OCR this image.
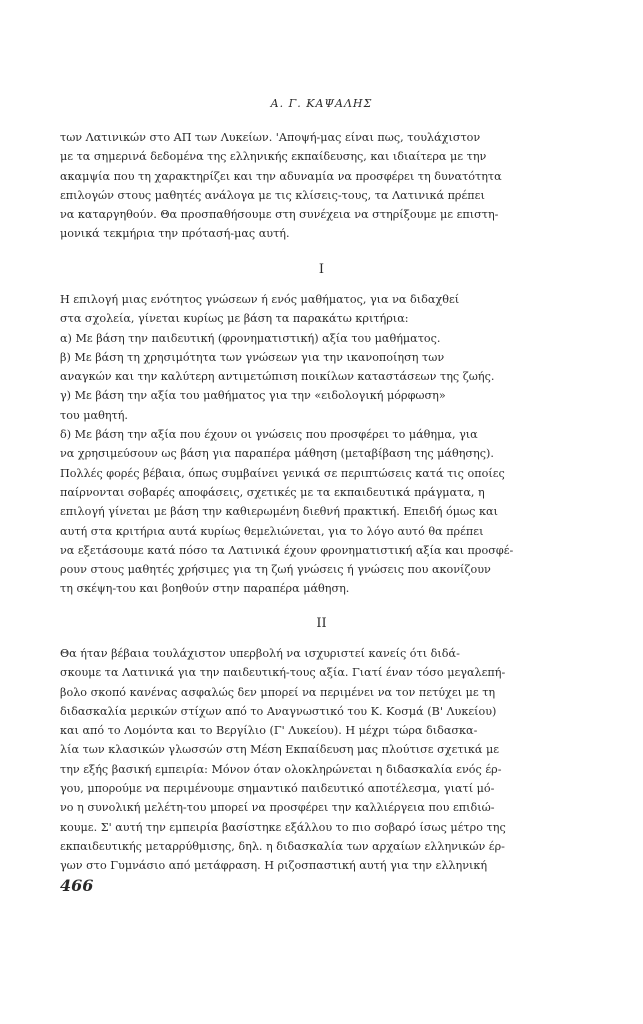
Α. Γ. ΚΑΨΑΛΗΣ
των Λατινικών στο ΑΠ των Λυκείων. 'Αποψή-μας είναι πως, τουλάχιστον
με τα σημερινά δεδομένα της ελληνικής εκπαίδευσης, και ιδιαίτερα με την
ακαμψία που τη χαρακτηρίζει και την αδυναμία να προσφέρει τη δυνατότητα
επιλογών στους μαθητές ανάλογα με τις κλίσεις-τους, τα Λατινικά πρέπει
να καταργηθούν. Θα προσπαθήσουμε στη συνέχεια να στηρίξουμε με επιστη-
μονικά τεκμήρια την πρότασή-μας αυτή.
Ι
Η επιλογή μιας ενότητος γνώσεων ή ενός μαθήματος, για να διδαχθεί
στα σχολεία, γίνεται κυρίως με βάση τα παρακάτω κριτήρια:
α) Με βάση την παιδευτική (φρονηματιστική) αξία του μαθήματος.
β) Με βάση τη χρησιμότητα των γνώσεων για την ικανοποίηση των
αναγκών και την καλύτερη αντιμετώπιση ποικίλων καταστάσεων της ζωής.
γ) Με βάση την αξία του μαθήματος για την «ειδολογική μόρφωση»
του μαθητή.
δ) Με βάση την αξία που έχουν οι γνώσεις που προσφέρει το μάθημα, για
να χρησιμεύσουν ως βάση για παραπέρα μάθηση (μεταβίβαση της μάθησης).
Πολλές φορές βέβαια, όπως συμβαίνει γενικά σε περιπτώσεις κατά τις οποίες
παίρνονται σοβαρές αποφάσεις, σχετικές με τα εκπαιδευτικά πράγματα, η
επιλογή γίνεται με βάση την καθιερωμένη διεθνή πρακτική. Επειδή όμως και
αυτή στα κριτήρια αυτά κυρίως θεμελιώνεται, για το λόγο αυτό θα πρέπει
να εξετάσουμε κατά πόσο τα Λατινικά έχουν φρονηματιστική αξία και προσφέ-
ρουν στους μαθητές χρήσιμες για τη ζωή γνώσεις ή γνώσεις που ακονίζουν
τη σκέψη-του και βοηθούν στην παραπέρα μάθηση.
ΙΙ
Θα ήταν βέβαια τουλάχιστον υπερβολή να ισχυριστεί κανείς ότι διδά-
σκουμε τα Λατινικά για την παιδευτική-τους αξία. Γιατί έναν τόσο μεγαλεπή-
βολο σκοπό κανένας ασφαλώς δεν μπορεί να περιμένει να τον πετύχει με τη
διδασκαλία μερικών στίχων από το Αναγνωστικό του Κ. Κοσμά (Β' Λυκείου)
και από το Λομόντα και το Βεργίλιο (Γ' Λυκείου). Η μέχρι τώρα διδασκα-
λία των κλασικών γλωσσών στη Μέση Εκπαίδευση μας πλούτισε σχετικά με
την εξής βασική εμπειρία: Μόνον όταν ολοκληρώνεται η διδασκαλία ενός έρ-
γου, μπορούμε να περιμένουμε σημαντικό παιδευτικό αποτέλεσμα, γιατί μό-
νο η συνολική μελέτη-του μπορεί να προσφέρει την καλλιέργεια που επιδιώ-
κουμε. Σ' αυτή την εμπειρία βασίστηκε εξάλλου το πιο σοβαρό ίσως μέτρο της
εκπαιδευτικής μεταρρύθμισης, δηλ. η διδασκαλία των αρχαίων ελληνικών έρ-
γων στο Γυμνάσιο από μετάφραση. Η ριζοσπαστική αυτή για την ελληνική
466
